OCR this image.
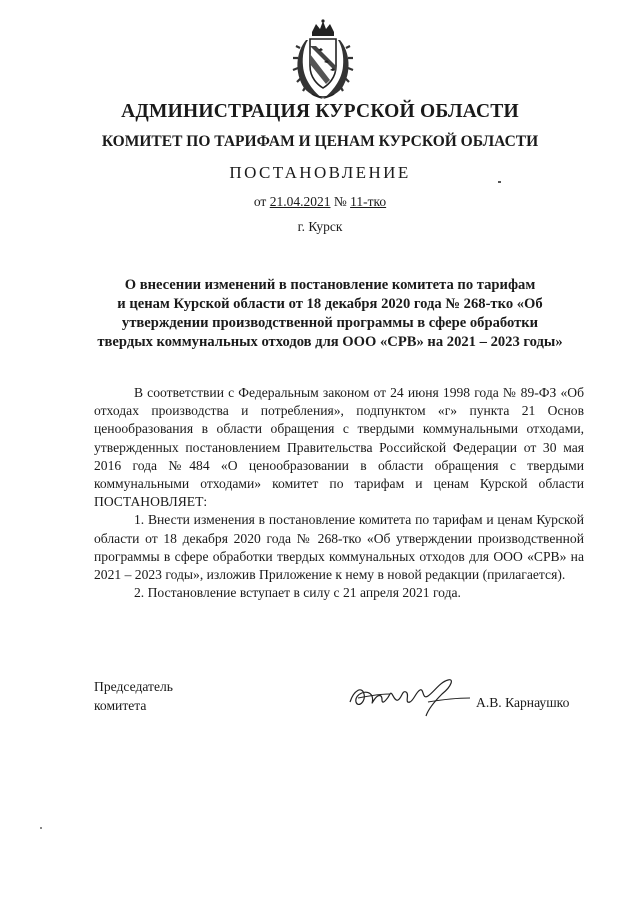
АДМИНИСТРАЦИЯ КУРСКОЙ ОБЛАСТИ
КОМИТЕТ ПО ТАРИФАМ И ЦЕНАМ КУРСКОЙ ОБЛАСТИ
ПОСТАНОВЛЕНИЕ
от 21.04.2021 № 11-тко
г. Курск
О внесении изменений в постановление комитета по тарифам
и ценам Курской области от 18 декабря 2020 года № 268-тко «Об
утверждении производственной программы в сфере обработки
твердых коммунальных отходов для ООО «СРВ» на 2021 – 2023 годы»

В соответствии с Федеральным законом от 24 июня 1998 года № 89-ФЗ «Об отходах производства и потребления», подпунктом «г» пункта 21 Основ ценообразования в области обращения с твердыми коммунальными отходами, утвержденных постановлением Правительства Российской Федерации от 30 мая 2016 года №484 «О ценообразовании в области обращения с твердыми коммунальными отходами» комитет по тарифам и ценам Курской области ПОСТАНОВЛЯЕТ:

1. Внести изменения в постановление комитета по тарифам и ценам Курской области от 18 декабря 2020 года № 268-тко «Об утверждении производственной программы в сфере обработки твердых коммунальных отходов для ООО «СРВ» на 2021 – 2023 годы», изложив Приложение к нему в новой редакции (прилагается).

2. Постановление вступает в силу с 21 апреля 2021 года.

Председатель
комитета	А.В. Карнаушко
